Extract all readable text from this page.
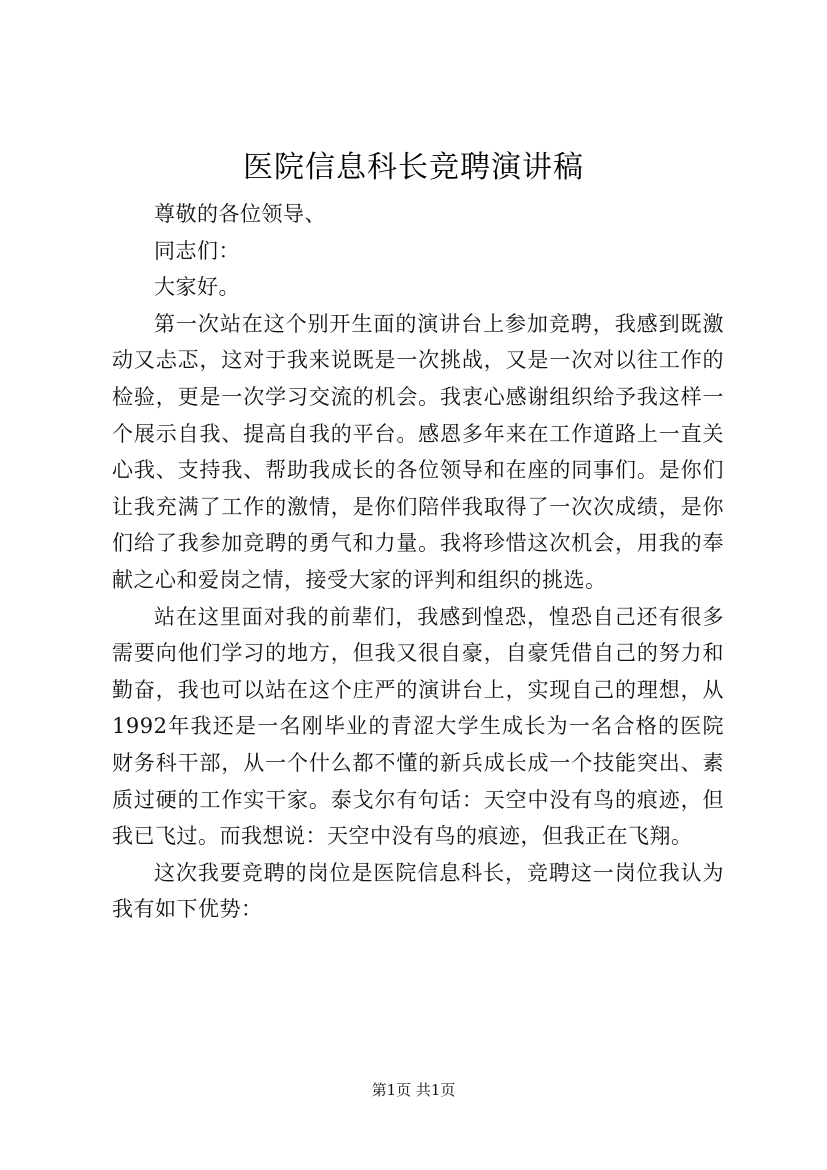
医院信息科长竞聘演讲稿

尊敬的各位领导、

同志们：

大家好。

第一次站在这个别开生面的演讲台上参加竞聘，我感到既激动又忐忑，这对于我来说既是一次挑战，又是一次对以往工作的检验，更是一次学习交流的机会。我衷心感谢组织给予我这样一个展示自我、提高自我的平台。感恩多年来在工作道路上一直关心我、支持我、帮助我成长的各位领导和在座的同事们。是你们让我充满了工作的激情，是你们陪伴我取得了一次次成绩，是你们给了我参加竞聘的勇气和力量。我将珍惜这次机会，用我的奉献之心和爱岗之情，接受大家的评判和组织的挑选。

站在这里面对我的前辈们，我感到惶恐，惶恐自己还有很多需要向他们学习的地方，但我又很自豪，自豪凭借自己的努力和勤奋，我也可以站在这个庄严的演讲台上，实现自己的理想，从1992年我还是一名刚毕业的青涩大学生成长为一名合格的医院财务科干部，从一个什么都不懂的新兵成长成一个技能突出、素质过硬的工作实干家。泰戈尔有句话：天空中没有鸟的痕迹，但我已飞过。而我想说：天空中没有鸟的痕迹，但我正在飞翔。

这次我要竞聘的岗位是医院信息科长，竞聘这一岗位我认为我有如下优势：

第1页 共1页
